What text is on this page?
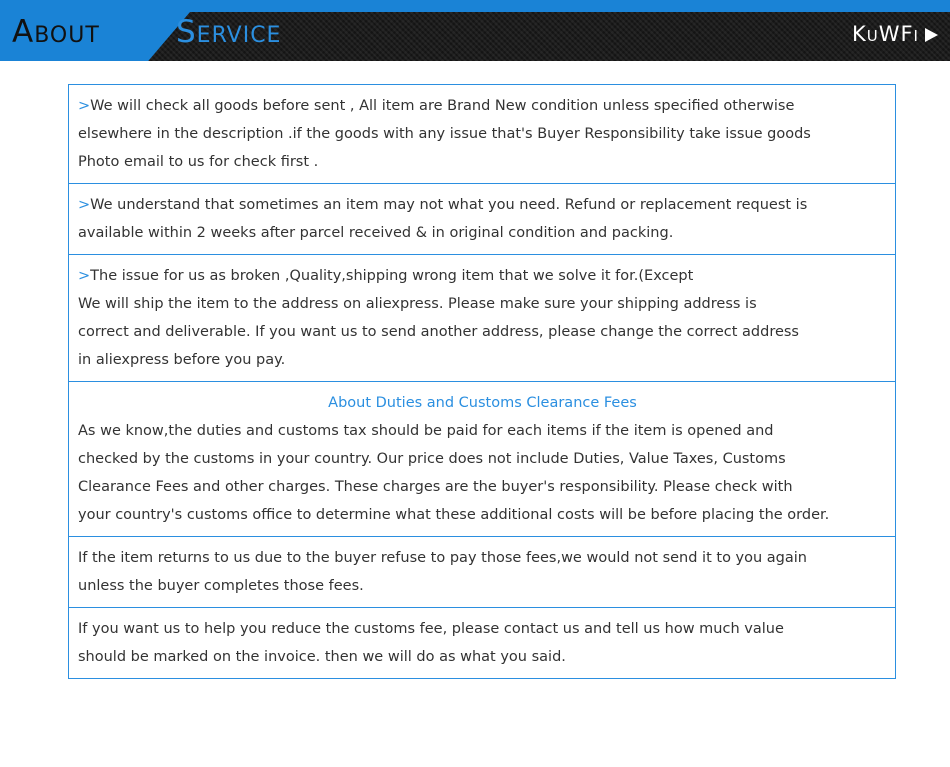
About Service	KuWFi

>We will check all goods before sent , All item are Brand New condition unless specified otherwise

elsewhere in the description .if the goods with any issue that's Buyer Responsibility take issue goods

Photo email to us for check first .

>We understand that sometimes an item may not what you need. Refund or replacement request is

available within 2 weeks after parcel received & in original condition and packing.

>The issue for us as broken ,Quality,shipping wrong item that we solve it for.(Except

We will ship the item to the address on aliexpress. Please make sure your shipping address is

correct and deliverable. If you want us to send another address, please change the correct address

in aliexpress before you pay.

About Duties and Customs Clearance Fees

As we know,the duties and customs tax should be paid for each items if the item is opened and

checked by the customs in your country. Our price does not include Duties, Value Taxes, Customs

Clearance Fees and other charges. These charges are the buyer's responsibility. Please check with

your country's customs office to determine what these additional costs will be before placing the order.

If the item returns to us due to the buyer refuse to pay those fees,we would not send it to you again

unless the buyer completes those fees.

If you want us to help you reduce the customs fee, please contact us and tell us how much value

should be marked on the invoice. then we will do as what you said.
